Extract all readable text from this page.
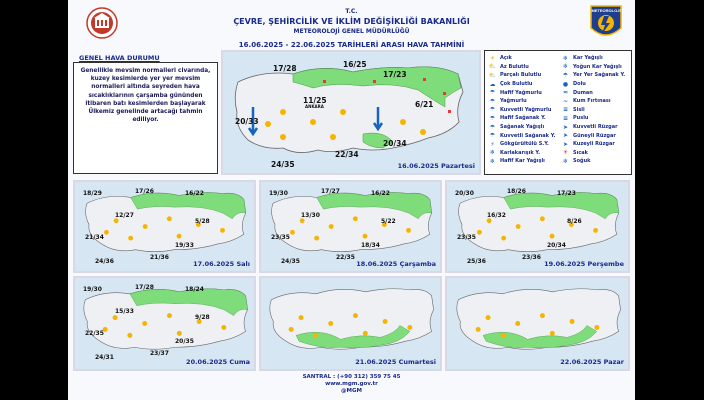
T.C.
ÇEVRE, ŞEHİRCİLİK VE İKLİM DEĞİŞİKLİĞİ BAKANLIĞI
METEOROLOJİ GENEL MÜDÜRLÜĞÜ
16.06.2025 - 22.06.2025 TARİHLERİ ARASI HAVA TAHMİNİ
METEOROLOJİ
GENEL HAVA DURUMU
Genellikle mevsim normalleri civarında, kuzey kesimlerde yer yer mevsim normalleri altında seyreden hava sıcaklıklarının çarşamba gününden itibaren batı kesimlerden başlayarak Ülkemiz genelinde artacağı tahmin ediliyor.
17/28	16/25
17/23
11/25
20/33
6/21
24/35
22/34
20/34
ANKARA
16.06.2025 Pazartesi
☀ Açık
⛅ Az Bulutlu
⛅ Parçalı Bulutlu
☁ Çok Bulutlu
☂ Hafif Yağmurlu
☂ Yağmurlu
☂ Kuvvetli Yağmurlu
☂ Hafif Sağanak Y.
☂ Sağanak Yağışlı
☂ Kuvvetli Sağanak Y.
⚡	Gökgürültülü S.Y.
❄ Karlakarışık Y.
❄ Hafif Kar Yağışlı
❄ Kar Yağışlı
❄ Yoğun Kar Yağışlı
☂ Yer Yer Sağanak Y.
● Dolu
≈ Duman
~ Kum Fırtınası
≡ Sisli
≡ Puslu
➤ Kuvvetli Rüzgar
➤ Güneyli Rüzgar
➤ Kuzeyli Rüzgar
☀ Sıcak
❄ Soğuk
18/29	17/26	16/22
12/27
5/28
21/34
19/33
24/36
21/36
17.06.2025 Salı
19/30	17/27	16/22
13/30
5/22
23/35
18/34
24/35
22/35
18.06.2025 Çarşamba
20/30	18/26	17/23
16/32
8/26
23/35
20/34
25/36
23/36
19.06.2025 Perşembe
19/30	17/28	18/24
15/33
9/28
22/35
20/35
24/31
23/37
20.06.2025 Cuma	21.06.2025 Cumartesi	22.06.2025 Pazar
SANTRAL : (+90 312) 359 75 45
www.mgm.gov.tr
@MGM
